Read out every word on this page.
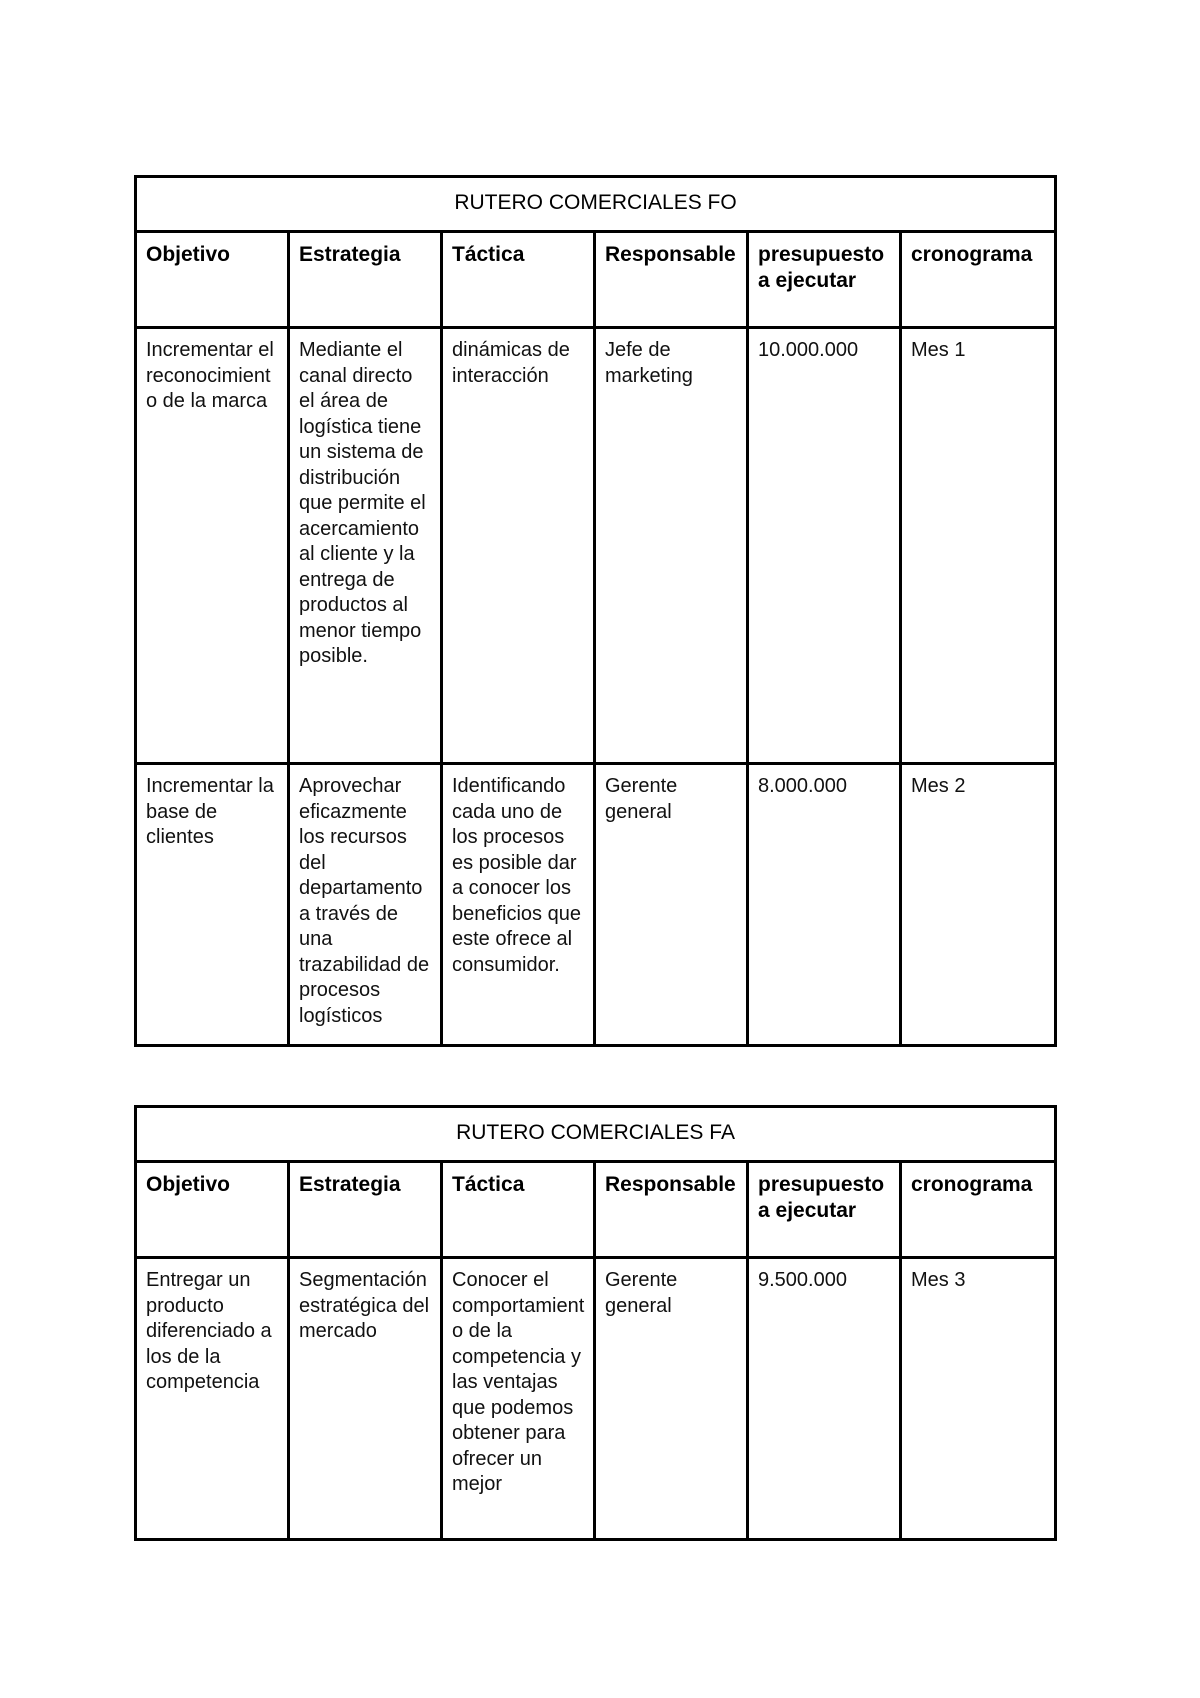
RUTERO COMERCIALES FO					
Objetivo	Estrategia	Táctica	Responsable	presupuesto a ejecutar	cronograma
Incrementar el reconocimiento de la marca	Mediante el canal directo el área de logística tiene un sistema de distribución que permite el acercamiento al cliente y la entrega de productos al menor tiempo posible.	dinámicas de interacción	Jefe de marketing	10.000.000	Mes 1
Incrementar la base de clientes	Aprovechar eficazmente los recursos del departamento a través de una trazabilidad de procesos logísticos	Identificando cada uno de los procesos es posible dar a conocer los beneficios que este ofrece al consumidor.	Gerente general	8.000.000	Mes 2
RUTERO COMERCIALES FA					
Objetivo	Estrategia	Táctica	Responsable	presupuesto a ejecutar	cronograma
Entregar un producto diferenciado a los de la competencia	Segmentación estratégica del mercado	Conocer el comportamiento de la competencia y las ventajas que podemos obtener para ofrecer un mejor	Gerente general	9.500.000	Mes 3
